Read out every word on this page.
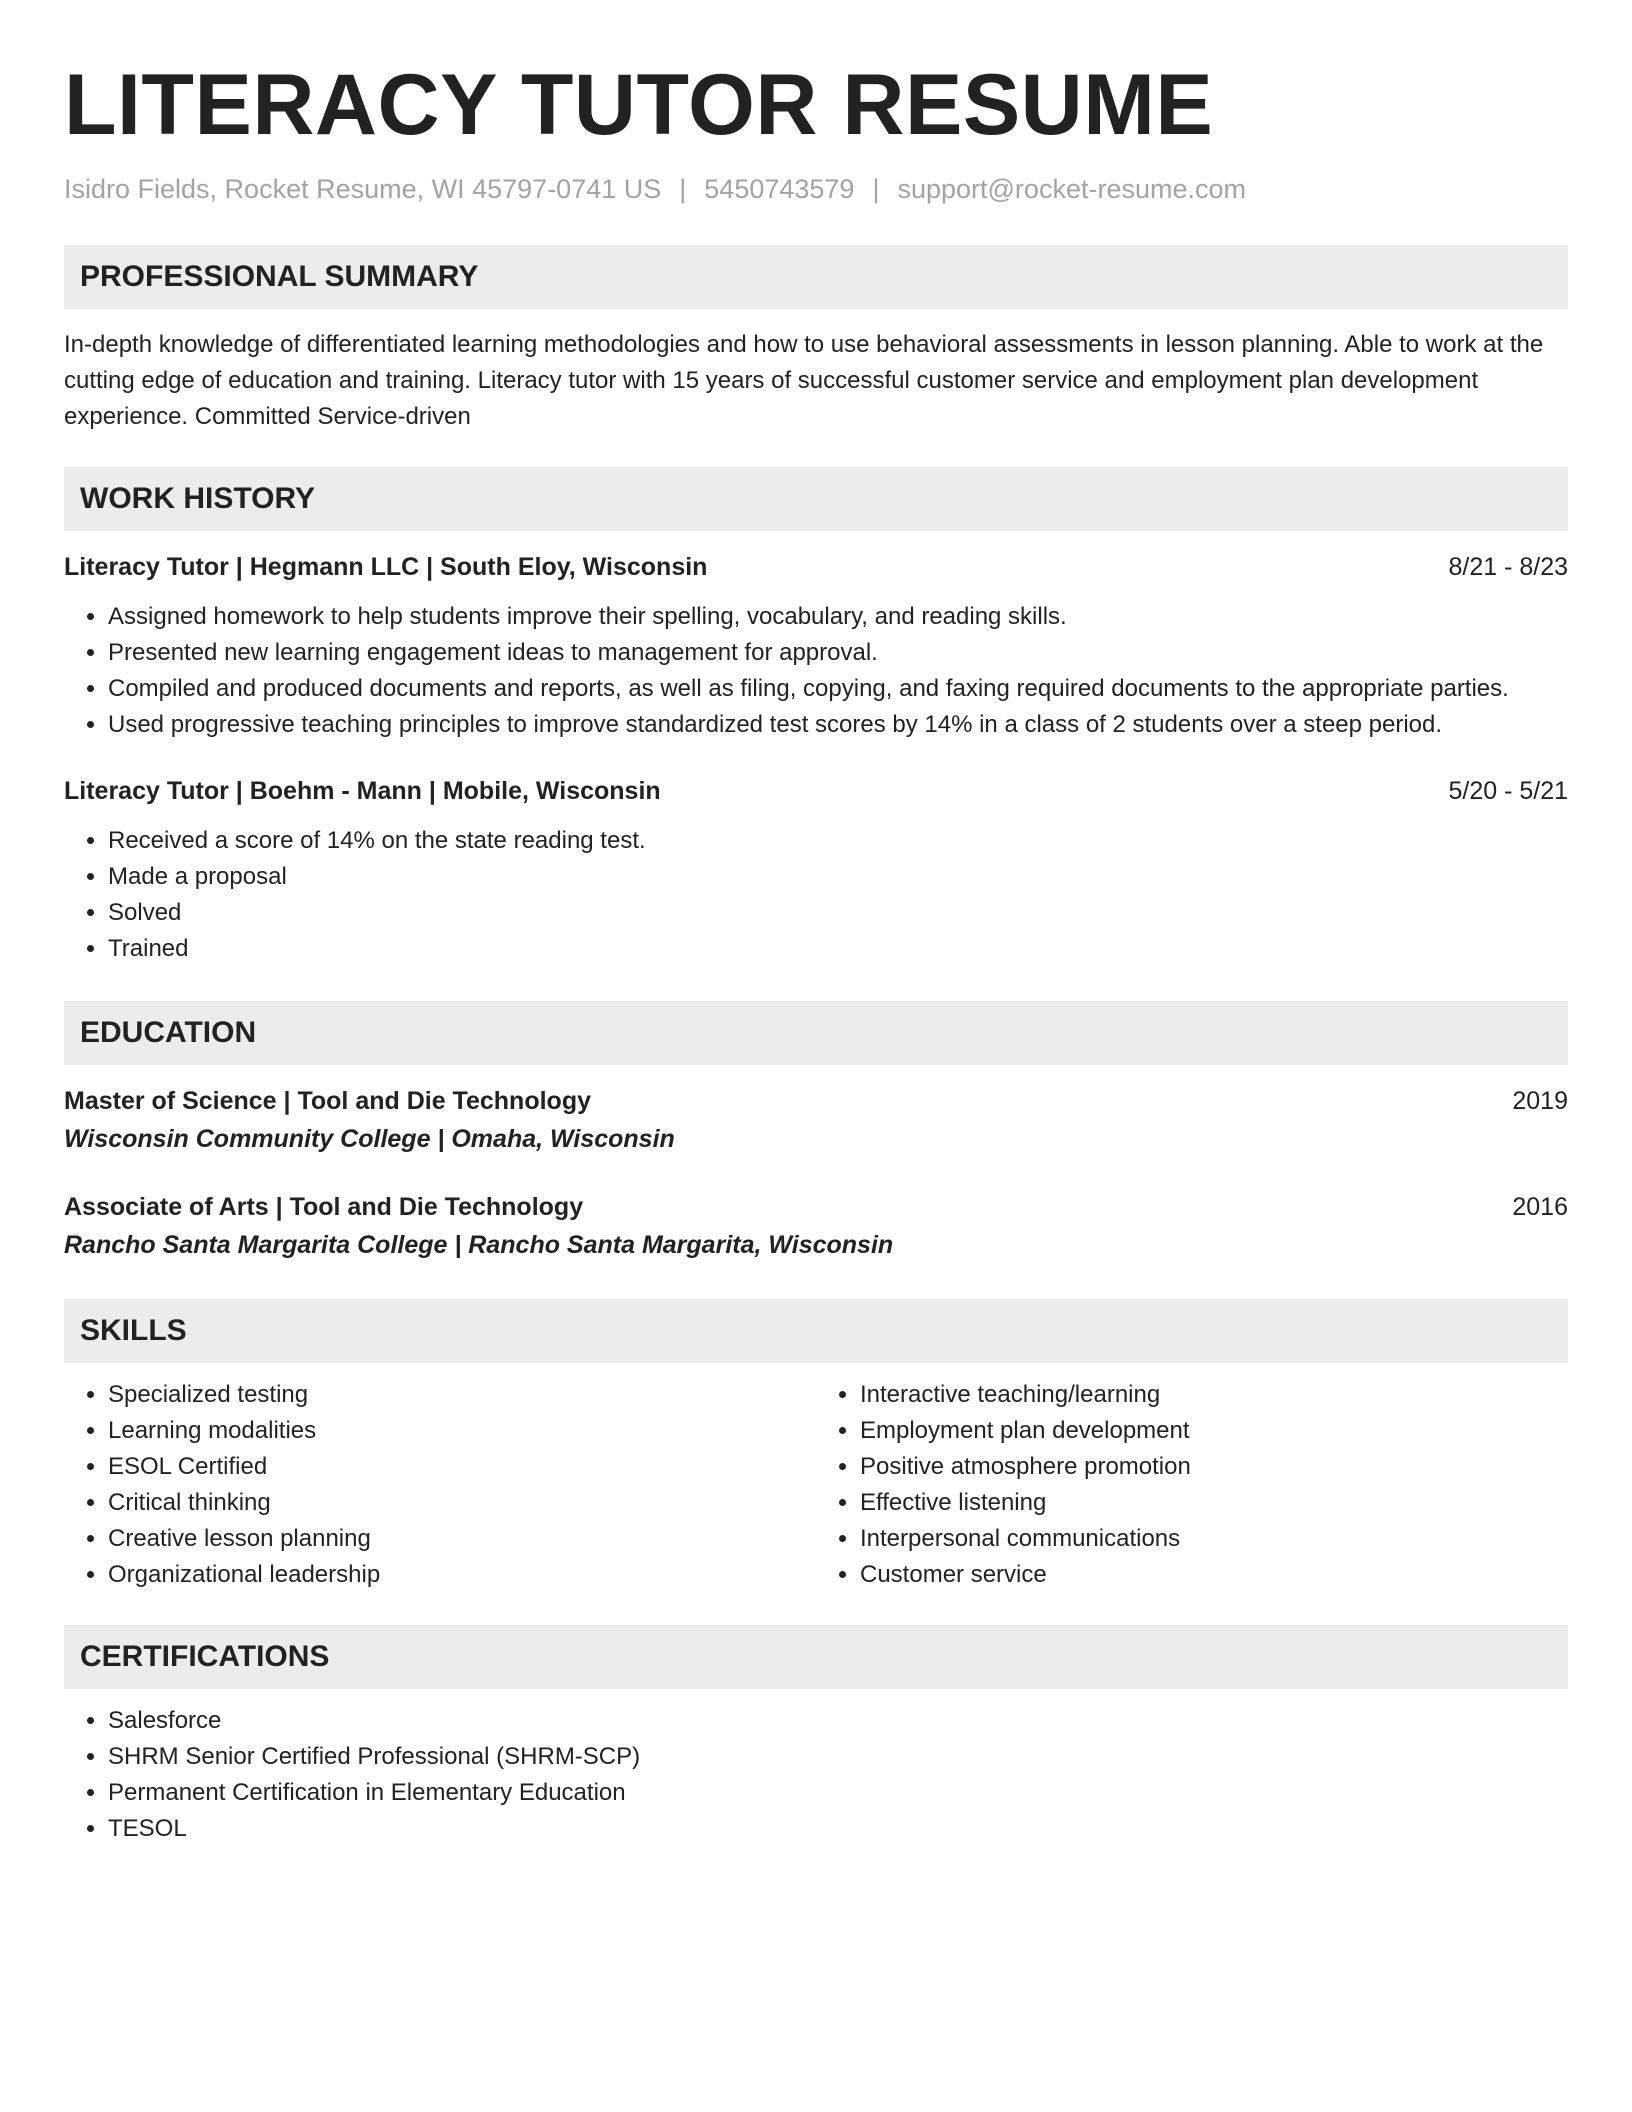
LITERACY TUTOR RESUME
Isidro Fields, Rocket Resume, WI 45797-0741 US | 5450743579 | support@rocket-resume.com
PROFESSIONAL SUMMARY

In-depth knowledge of differentiated learning methodologies and how to use behavioral assessments in lesson planning. Able to work at the cutting edge of education and training. Literacy tutor with 15 years of successful customer service and employment plan development experience. Committed Service-driven

WORK HISTORY
Literacy Tutor | Hegmann LLC | South Eloy, Wisconsin	8/21 - 8/23
• Assigned homework to help students improve their spelling, vocabulary, and reading skills.
• Presented new learning engagement ideas to management for approval.
• Compiled and produced documents and reports, as well as filing, copying, and faxing required documents to the appropriate parties.
• Used progressive teaching principles to improve standardized test scores by 14% in a class of 2 students over a steep period.
Literacy Tutor | Boehm - Mann | Mobile, Wisconsin	5/20 - 5/21
• Received a score of 14% on the state reading test.
• Made a proposal
• Solved
• Trained
EDUCATION
Master of Science | Tool and Die Technology	2019
Wisconsin Community College | Omaha, Wisconsin
Associate of Arts | Tool and Die Technology	2016
Rancho Santa Margarita College | Rancho Santa Margarita, Wisconsin
SKILLS
• Specialized testing
• Learning modalities
• ESOL Certified
• Critical thinking
• Creative lesson planning
• Organizational leadership
• Interactive teaching/learning
• Employment plan development
• Positive atmosphere promotion
• Effective listening
• Interpersonal communications
• Customer service
CERTIFICATIONS
• Salesforce
• SHRM Senior Certified Professional (SHRM-SCP)
• Permanent Certification in Elementary Education
• TESOL
